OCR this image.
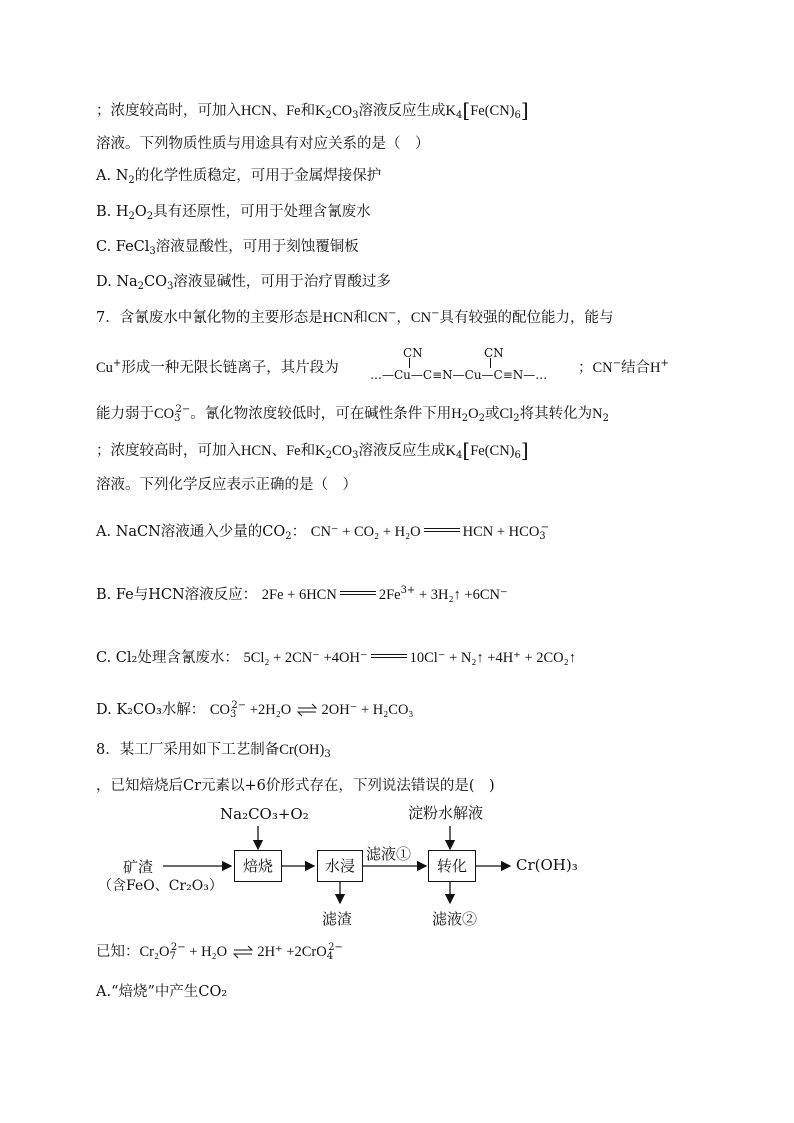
；浓度较高时，可加入HCN、Fe和$K_2CO_3$溶液反应生成$K_4[Fe(CN)_6]$
溶液。下列物质性质与用途具有对应关系的是（　）
A. $N_2$的化学性质稳定，可用于金属焊接保护
B. $H_2O_2$具有还原性，可用于处理含氰废水
C. FeCl$_3$溶液显酸性，可用于刻蚀覆铜板
D. $Na_2CO_3$溶液显碱性，可用于治疗胃酸过多
7．含氰废水中氰化物的主要形态是HCN和CN−，CN−具有较强的配位能力，能与
Cu+形成一种无限长链离子，其片段为
CN	CN
…—Cu—C≡N—Cu—C≡N—… ；CN−结合H+
能力弱于$CO_3^{2-}$。氰化物浓度较低时，可在碱性条件下用$H_2O_2$或$Cl_2$将其转化为$N_2$
；浓度较高时，可加入HCN、Fe和$K_2CO_3$溶液反应生成$K_4[Fe(CN)_6]$
溶液。下列化学反应表示正确的是（　）
A. NaCN溶液通入少量的$CO_2$： CN⁻ + CO₂ + H₂O	HCN + $HCO_3^-$
B. Fe与HCN溶液反应： 2Fe + 6HCN	$2Fe^{3+}$ + 3H₂↑ +6CN⁻
C. Cl₂处理含氰废水： 5Cl₂ + 2CN⁻ +4OH⁻	10Cl⁻ + N₂↑ +4H⁺ + 2CO₂↑
D. K₂CO₃水解： $CO_3^{2-} +2H_2O$ ⇌ 2OH⁻ + H₂CO₃
8．某工厂采用如下工艺制备$Cr(OH)_3$
，已知焙烧后Cr元素以+6价形式存在，下列说法错误的是(　)
Na₂CO₃+O₂	淀粉水解液
矿渣
（含FeO、Cr₂O₃）
焙烧	水浸
滤液①
转化	Cr(OH)₃
滤渣	滤液②
已知：$Cr_2O_7^{2-} + H_2O$ ⇌ 2H⁺ +2CrO$_4^{2-}$
A.“焙烧”中产生CO₂
